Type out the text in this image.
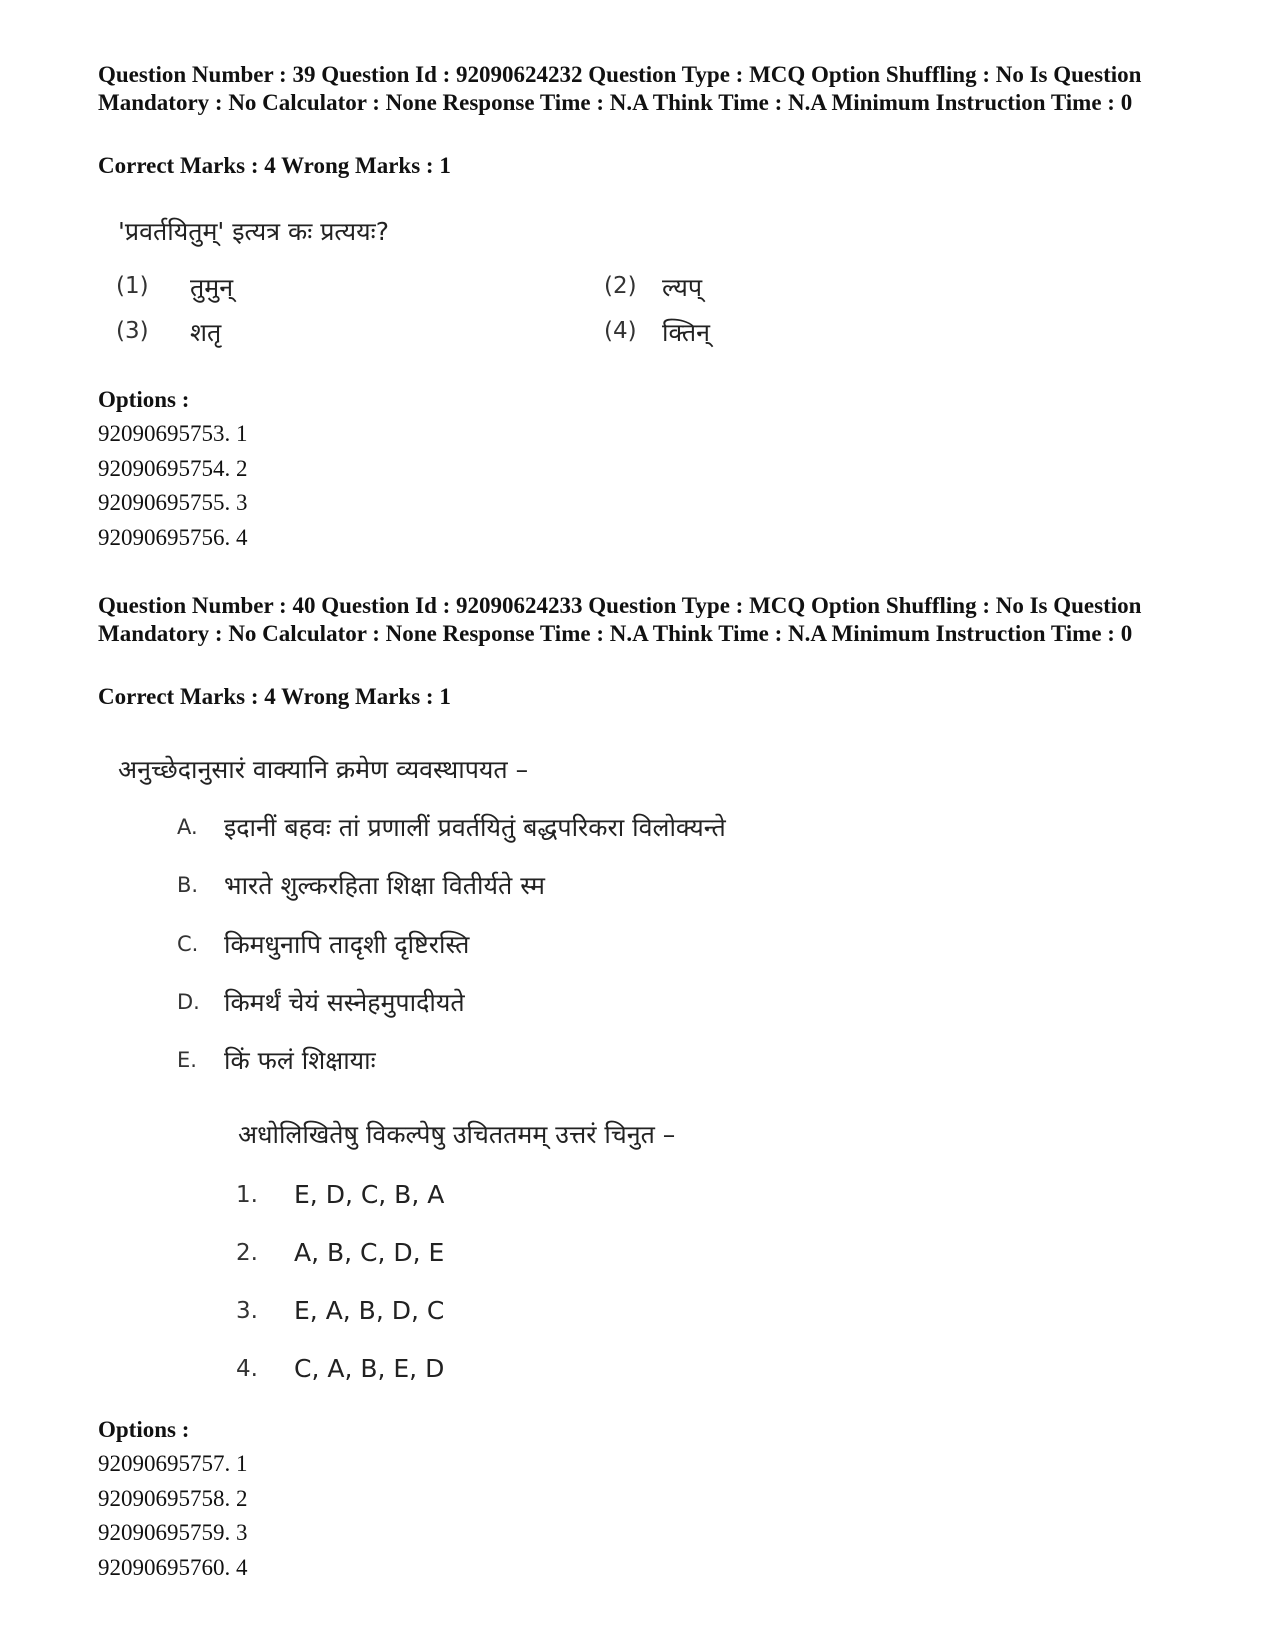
Question Number : 39 Question Id : 92090624232 Question Type : MCQ Option Shuffling : No Is Question Mandatory : No Calculator : None Response Time : N.A Think Time : N.A Minimum Instruction Time : 0
Correct Marks : 4 Wrong Marks : 1
'प्रवर्तयितुम्' इत्यत्र कः प्रत्ययः?
(1) तुमुन्	(2) ल्यप्
(3) शतृ	(4) क्तिन्
Options :
92090695753. 1
92090695754. 2
92090695755. 3
92090695756. 4
Question Number : 40 Question Id : 92090624233 Question Type : MCQ Option Shuffling : No Is Question Mandatory : No Calculator : None Response Time : N.A Think Time : N.A Minimum Instruction Time : 0
Correct Marks : 4 Wrong Marks : 1
अनुच्छेदानुसारं वाक्यानि क्रमेण व्यवस्थापयत –
A. इदानीं बहवः तां प्रणालीं प्रवर्तयितुं बद्धपरिकरा विलोक्यन्ते
B. भारते शुल्करहिता शिक्षा वितीर्यते स्म
C. किमधुनापि तादृशी दृष्टिरस्ति
D. किमर्थं चेयं सस्नेहमुपादीयते
E. किं फलं शिक्षायाः
अधोलिखितेषु विकल्पेषु उचिततमम् उत्तरं चिनुत –
1. E, D, C, B, A
2. A, B, C, D, E
3. E, A, B, D, C
4. C, A, B, E, D
Options :
92090695757. 1
92090695758. 2
92090695759. 3
92090695760. 4
